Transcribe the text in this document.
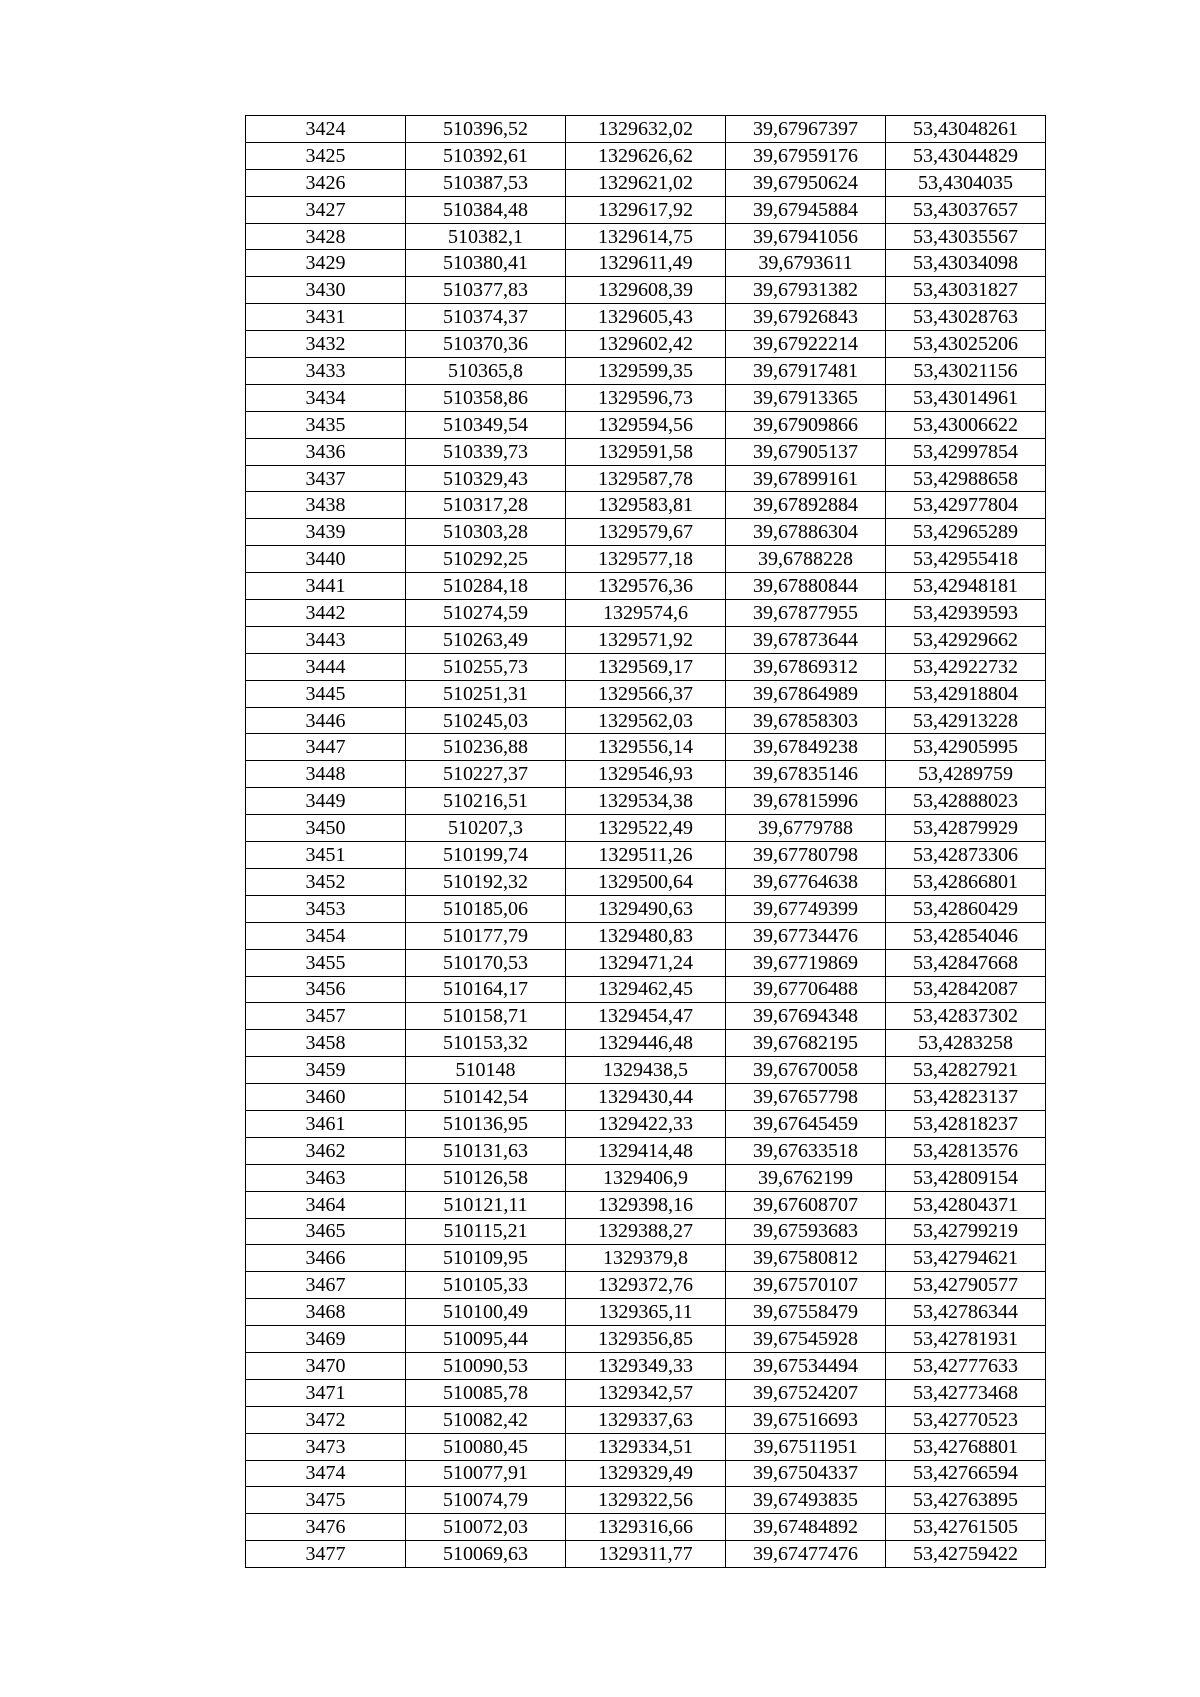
3424	510396,52	1329632,02	39,67967397	53,43048261
3425	510392,61	1329626,62	39,67959176	53,43044829
3426	510387,53	1329621,02	39,67950624	53,4304035
3427	510384,48	1329617,92	39,67945884	53,43037657
3428	510382,1	1329614,75	39,67941056	53,43035567
3429	510380,41	1329611,49	39,6793611	53,43034098
3430	510377,83	1329608,39	39,67931382	53,43031827
3431	510374,37	1329605,43	39,67926843	53,43028763
3432	510370,36	1329602,42	39,67922214	53,43025206
3433	510365,8	1329599,35	39,67917481	53,43021156
3434	510358,86	1329596,73	39,67913365	53,43014961
3435	510349,54	1329594,56	39,67909866	53,43006622
3436	510339,73	1329591,58	39,67905137	53,42997854
3437	510329,43	1329587,78	39,67899161	53,42988658
3438	510317,28	1329583,81	39,67892884	53,42977804
3439	510303,28	1329579,67	39,67886304	53,42965289
3440	510292,25	1329577,18	39,6788228	53,42955418
3441	510284,18	1329576,36	39,67880844	53,42948181
3442	510274,59	1329574,6	39,67877955	53,42939593
3443	510263,49	1329571,92	39,67873644	53,42929662
3444	510255,73	1329569,17	39,67869312	53,42922732
3445	510251,31	1329566,37	39,67864989	53,42918804
3446	510245,03	1329562,03	39,67858303	53,42913228
3447	510236,88	1329556,14	39,67849238	53,42905995
3448	510227,37	1329546,93	39,67835146	53,4289759
3449	510216,51	1329534,38	39,67815996	53,42888023
3450	510207,3	1329522,49	39,6779788	53,42879929
3451	510199,74	1329511,26	39,67780798	53,42873306
3452	510192,32	1329500,64	39,67764638	53,42866801
3453	510185,06	1329490,63	39,67749399	53,42860429
3454	510177,79	1329480,83	39,67734476	53,42854046
3455	510170,53	1329471,24	39,67719869	53,42847668
3456	510164,17	1329462,45	39,67706488	53,42842087
3457	510158,71	1329454,47	39,67694348	53,42837302
3458	510153,32	1329446,48	39,67682195	53,4283258
3459	510148	1329438,5	39,67670058	53,42827921
3460	510142,54	1329430,44	39,67657798	53,42823137
3461	510136,95	1329422,33	39,67645459	53,42818237
3462	510131,63	1329414,48	39,67633518	53,42813576
3463	510126,58	1329406,9	39,6762199	53,42809154
3464	510121,11	1329398,16	39,67608707	53,42804371
3465	510115,21	1329388,27	39,67593683	53,42799219
3466	510109,95	1329379,8	39,67580812	53,42794621
3467	510105,33	1329372,76	39,67570107	53,42790577
3468	510100,49	1329365,11	39,67558479	53,42786344
3469	510095,44	1329356,85	39,67545928	53,42781931
3470	510090,53	1329349,33	39,67534494	53,42777633
3471	510085,78	1329342,57	39,67524207	53,42773468
3472	510082,42	1329337,63	39,67516693	53,42770523
3473	510080,45	1329334,51	39,67511951	53,42768801
3474	510077,91	1329329,49	39,67504337	53,42766594
3475	510074,79	1329322,56	39,67493835	53,42763895
3476	510072,03	1329316,66	39,67484892	53,42761505
3477	510069,63	1329311,77	39,67477476	53,42759422
